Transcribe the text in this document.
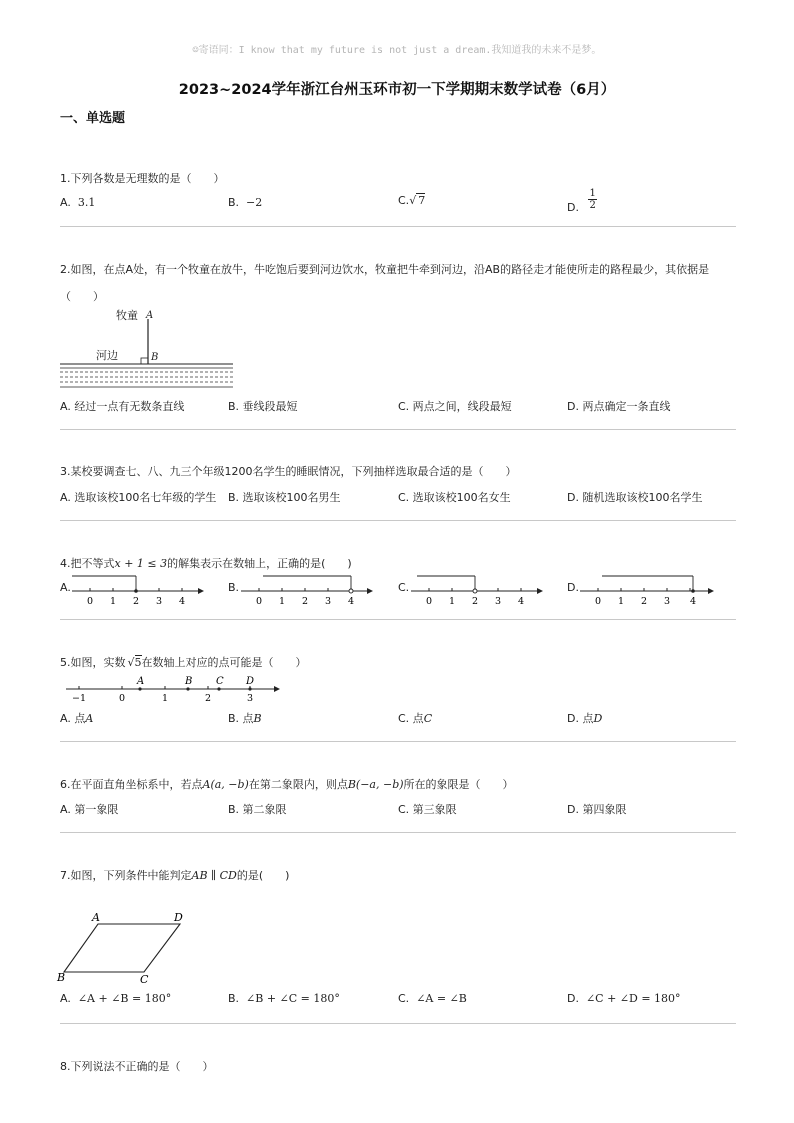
☺寄语同：I know that my future is not just a dream.我知道我的未来不是梦。
2023~2024学年浙江台州玉环市初一下学期期末数学试卷（6月）
一、单选题
1.下列各数是无理数的是（　　）
A. 3.1	B. −2	C.  √ 7	D. $\frac{1}{2}$
2.如图，在点A处，有一个牧童在放牛，牛吃饱后要到河边饮水，牧童把牛牵到河边，沿AB的路径走才能使所走的路程最少，其依据是
（　　）
牧童 A
河边	B
A. 经过一点有无数条直线	B. 垂线段最短	C. 两点之间，线段最短	D. 两点确定一条直线
3.某校要调查七、八、九三个年级1200名学生的睡眠情况，下列抽样选取最合适的是（　　）
A. 选取该校100名七年级的学生 B. 选取该校100名男生	C. 选取该校100名女生	D. 随机选取该校100名学生
4.把不等式x + 1 ≤ 3的解集表示在数轴上，正确的是(　　)
A.
0 1 2 3 4
B.
0 1 2 3 4
C.
0 1 2 3 4
D.
0 1 2 3 4
5.如图，实数 √5在数轴上对应的点可能是（　　）
A	B C D
−1	0	1	2	3
A. 点A	B. 点B	C. 点C	D. 点D
6.在平面直角坐标系中，若点A(a, −b)在第二象限内，则点B(−a, −b)所在的象限是（　　）
A. 第一象限	B. 第二象限	C. 第三象限	D. 第四象限
7.如图，下列条件中能判定AB ∥ CD的是(　　)
A	D
B	C
A. ∠A + ∠B = 180°	B. ∠B + ∠C = 180°	C. ∠A = ∠B	D. ∠C + ∠D = 180°
8.下列说法不正确的是（　　）
